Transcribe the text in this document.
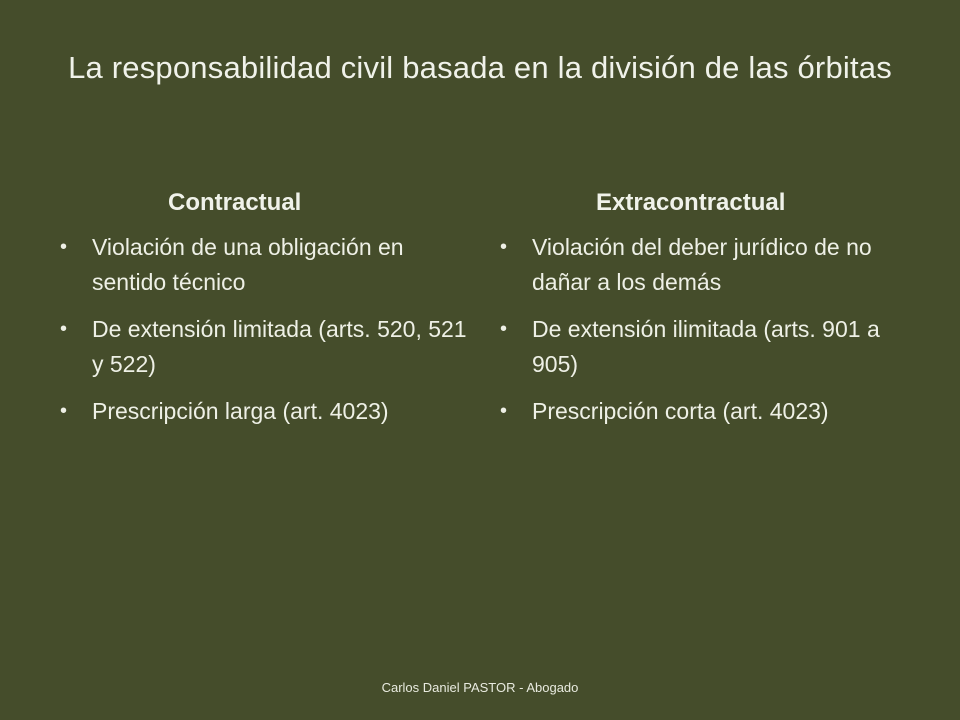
La responsabilidad civil basada en la división de las órbitas
Contractual
• Violación de una obligación en sentido técnico
• De extensión limitada (arts. 520, 521 y 522)
• Prescripción larga (art. 4023)
Extracontractual
• Violación del deber jurídico de no dañar a los demás
• De extensión ilimitada (arts. 901 a 905)
• Prescripción corta (art. 4023)
Carlos Daniel PASTOR - Abogado
